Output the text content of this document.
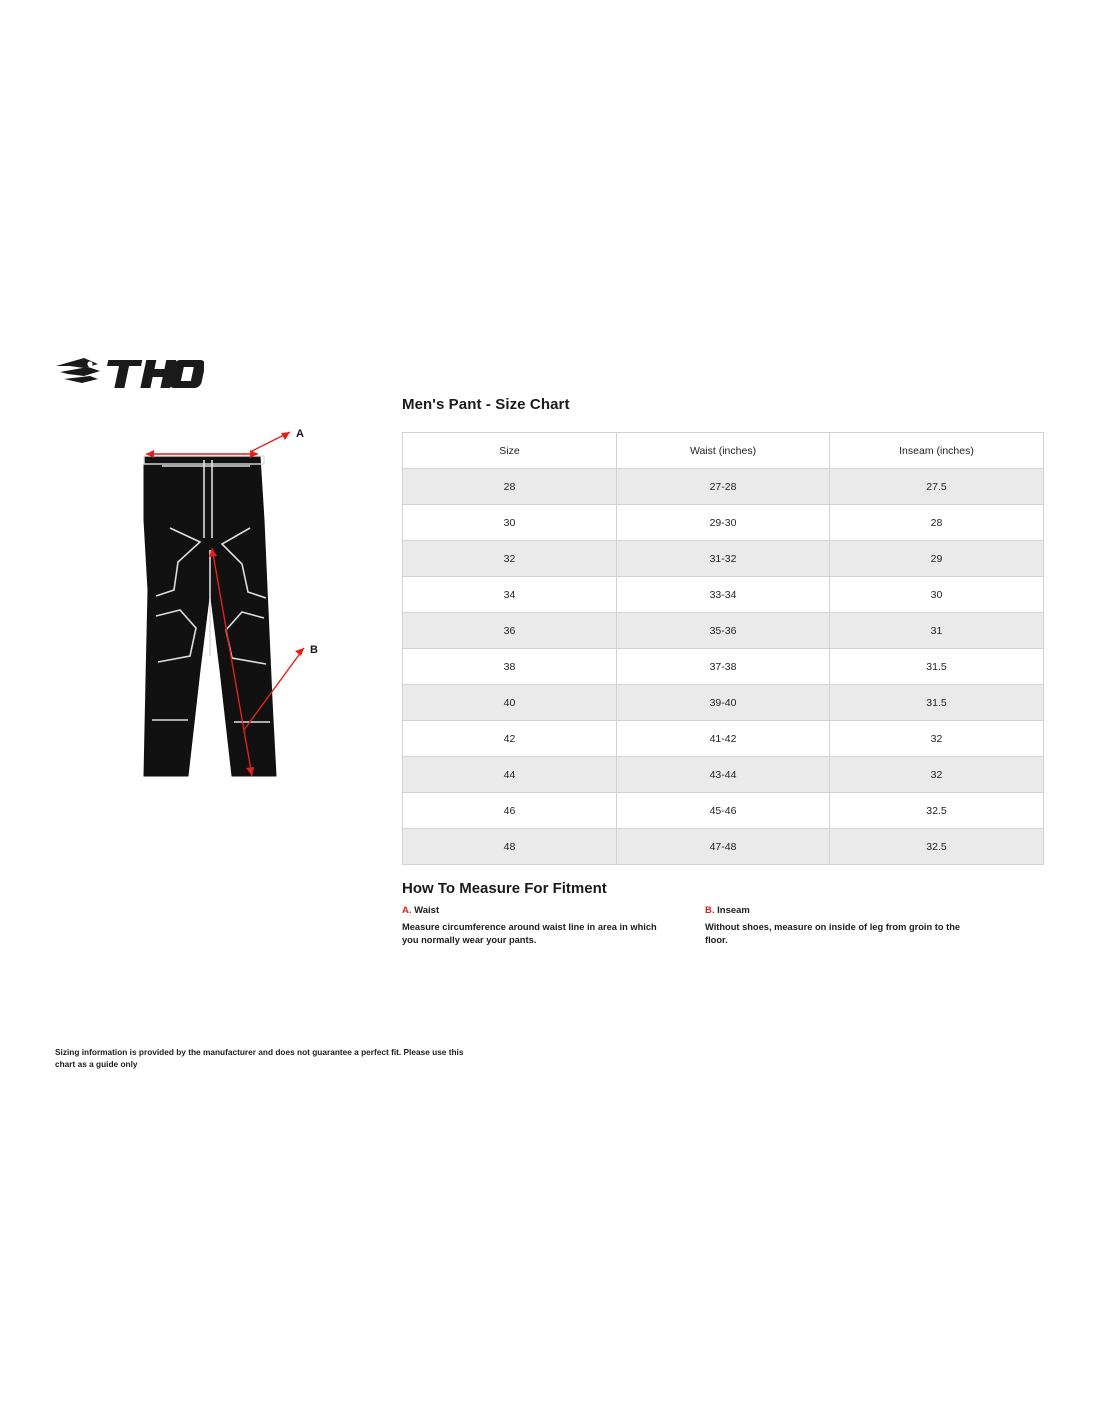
A
B
Men's Pant - Size Chart
Size	Waist (inches)	Inseam (inches)
28	27-28	27.5
30	29-30	28
32	31-32	29
34	33-34	30
36	35-36	31
38	37-38	31.5
40	39-40	31.5
42	41-42	32
44	43-44	32
46	45-46	32.5
48	47-48	32.5
How To Measure For Fitment
A. Waist
Measure circumference around waist line in area in which you normally wear your pants.
B. Inseam
Without shoes, measure on inside of leg from groin to the floor.
Sizing information is provided by the manufacturer and does not guarantee a perfect fit. Please use this chart as a guide only
